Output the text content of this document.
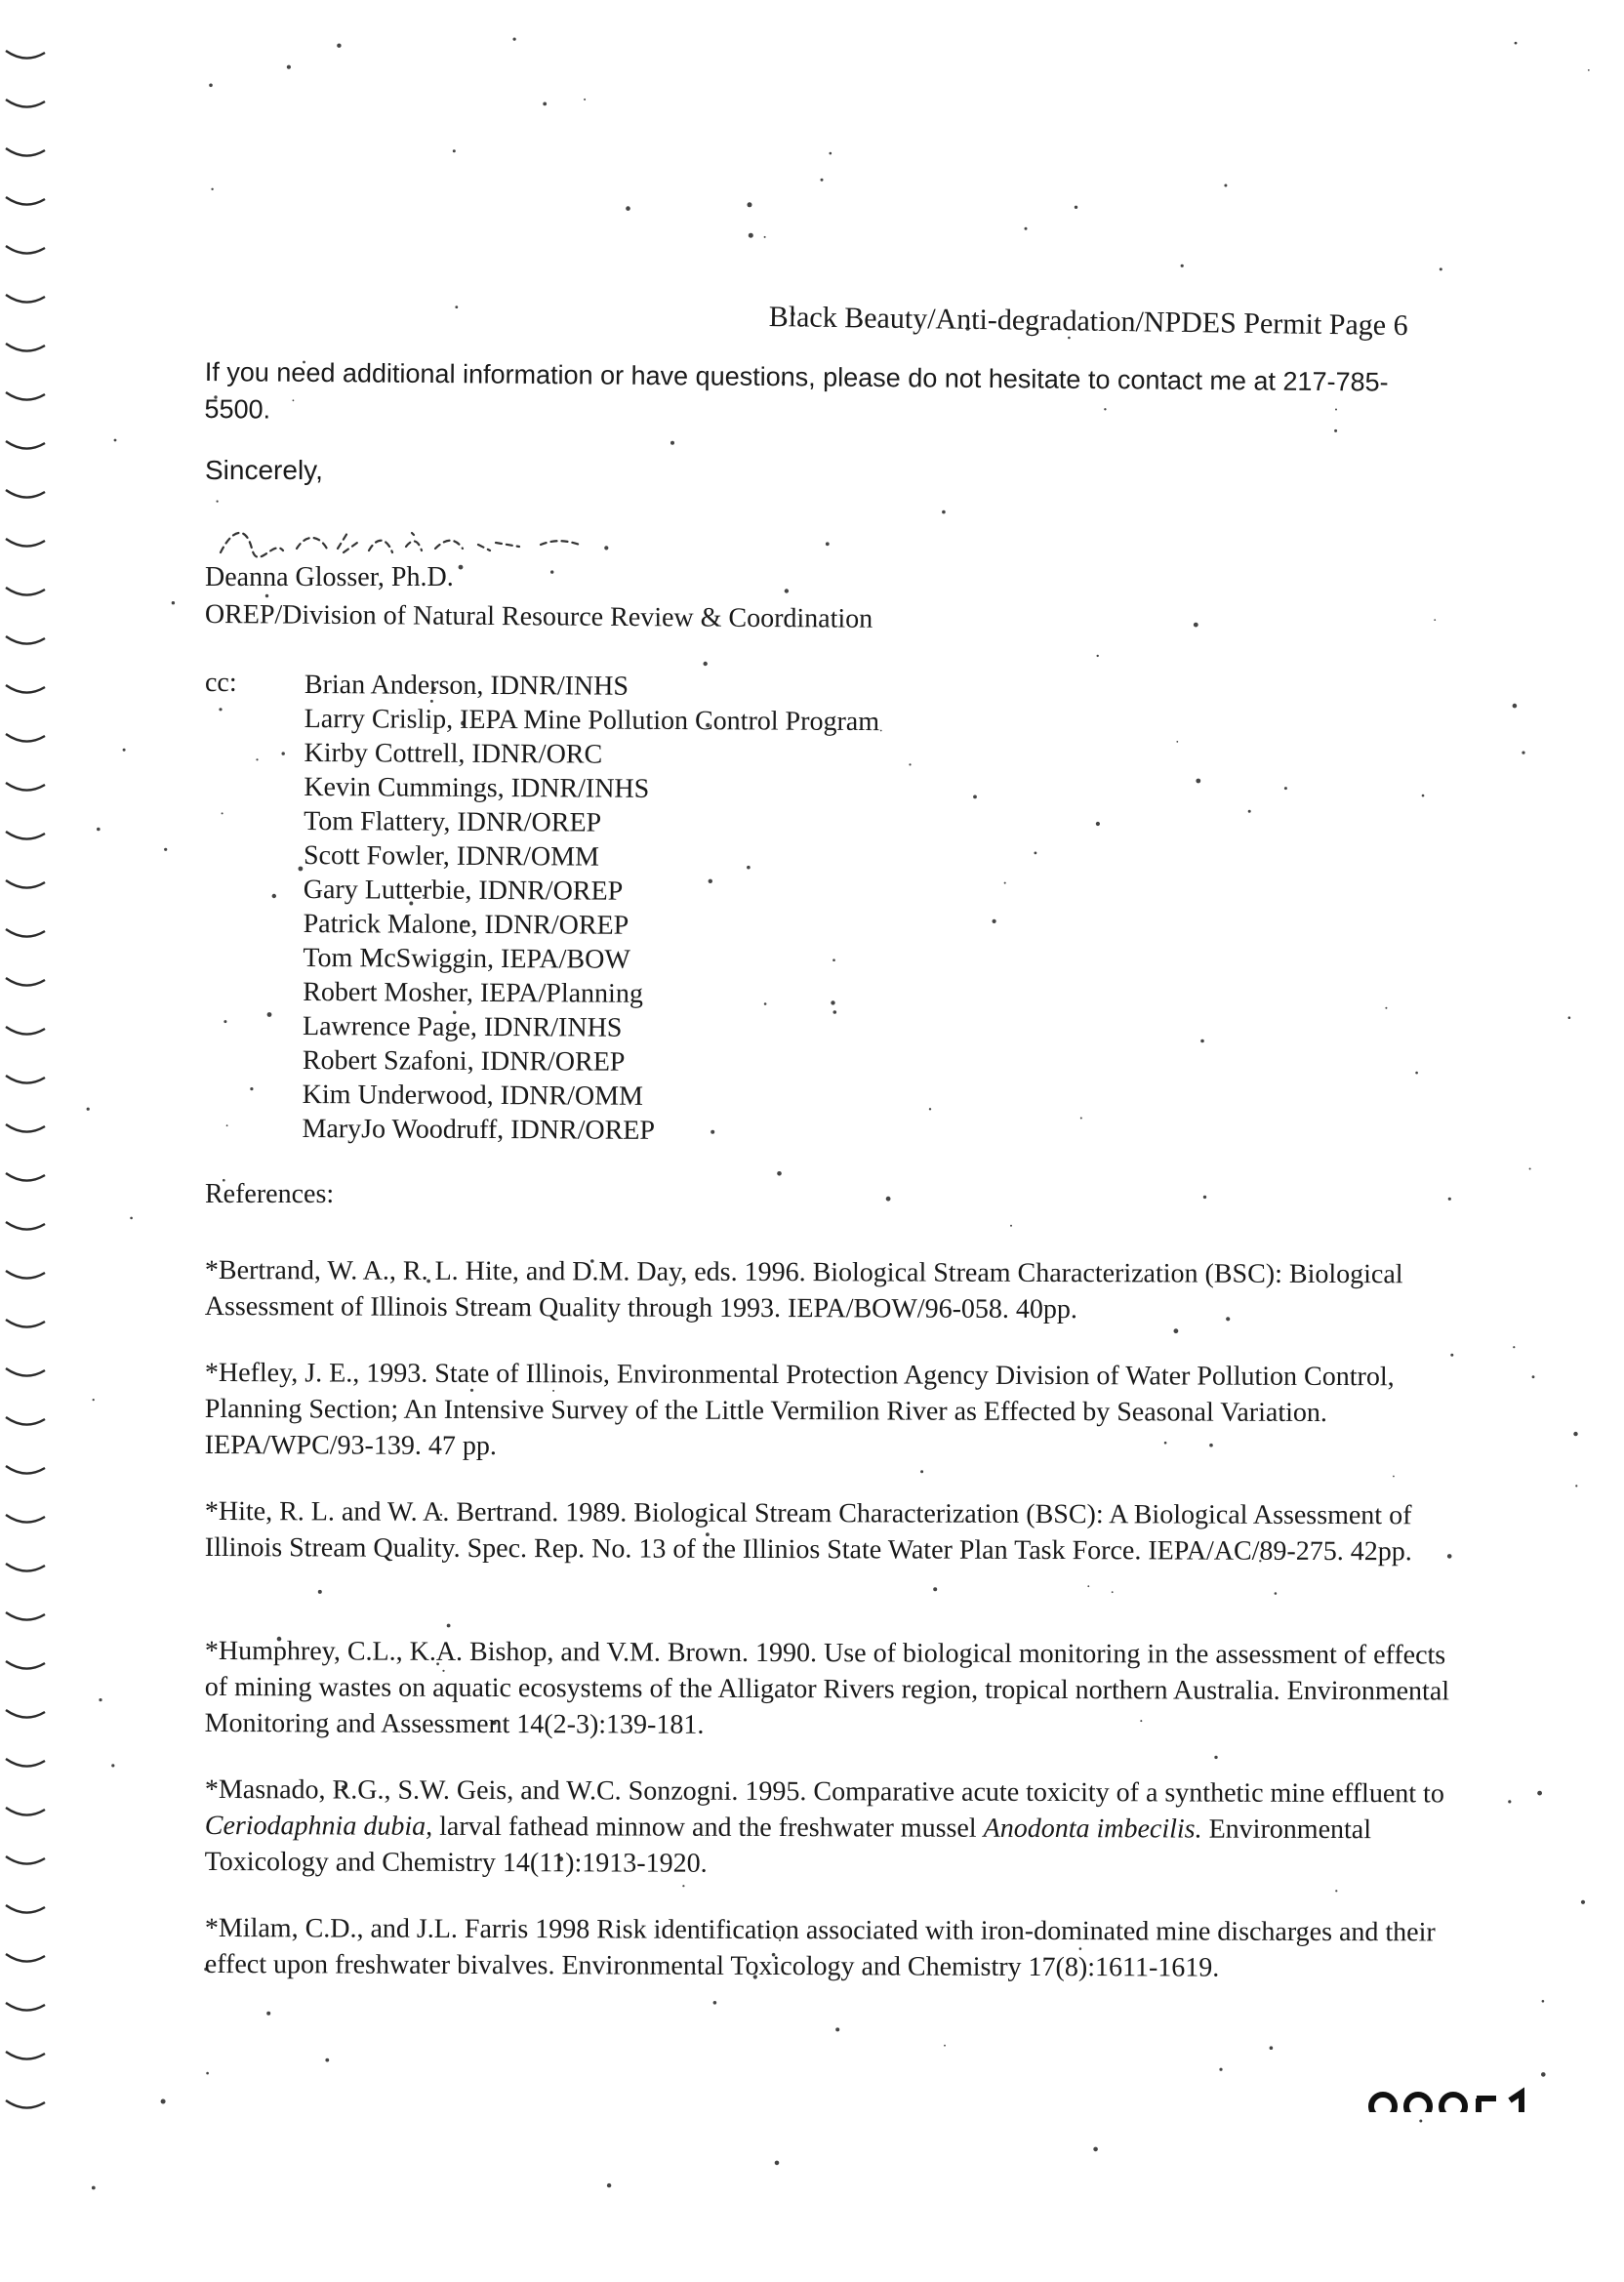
Black Beauty/Anti-degradation/NPDES Permit Page 6

If you need additional information or have questions, please do not hesitate to contact me at 217-785-5500.

Sincerely,
Deanna Glosser, Ph.D.
OREP/Division of Natural Resource Review & Coordination
cc: Brian Anderson, IDNR/INHS
Larry Crislip, IEPA Mine Pollution Control Program
Kirby Cottrell, IDNR/ORC
Kevin Cummings, IDNR/INHS
Tom Flattery, IDNR/OREP
Scott Fowler, IDNR/OMM
Gary Lutterbie, IDNR/OREP
Patrick Malone, IDNR/OREP
Tom McSwiggin, IEPA/BOW
Robert Mosher, IEPA/Planning
Lawrence Page, IDNR/INHS
Robert Szafoni, IDNR/OREP
Kim Underwood, IDNR/OMM
MaryJo Woodruff, IDNR/OREP
References:

*Bertrand, W. A., R. L. Hite, and D.M. Day, eds. 1996. Biological Stream Characterization (BSC): Biological Assessment of Illinois Stream Quality through 1993. IEPA/BOW/96-058. 40pp.

*Hefley, J. E., 1993. State of Illinois, Environmental Protection Agency Division of Water Pollution Control, Planning Section; An Intensive Survey of the Little Vermilion River as Effected by Seasonal Variation. IEPA/WPC/93-139. 47 pp.

*Hite, R. L. and W. A. Bertrand. 1989. Biological Stream Characterization (BSC): A Biological Assessment of Illinois Stream Quality. Spec. Rep. No. 13 of the Illinios State Water Plan Task Force. IEPA/AC/89-275. 42pp.

*Humphrey, C.L., K.A. Bishop, and V.M. Brown. 1990. Use of biological monitoring in the assessment of effects of mining wastes on aquatic ecosystems of the Alligator Rivers region, tropical northern Australia. Environmental Monitoring and Assessment 14(2-3):139-181.

*Masnado, R.G., S.W. Geis, and W.C. Sonzogni. 1995. Comparative acute toxicity of a synthetic mine effluent to Ceriodaphnia dubia, larval fathead minnow and the freshwater mussel Anodonta imbecilis. Environmental Toxicology and Chemistry 14(11):1913-1920.

*Milam, C.D., and J.L. Farris 1998 Risk identification associated with iron-dominated mine discharges and their effect upon freshwater bivalves. Environmental Toxicology and Chemistry 17(8):1611-1619.
